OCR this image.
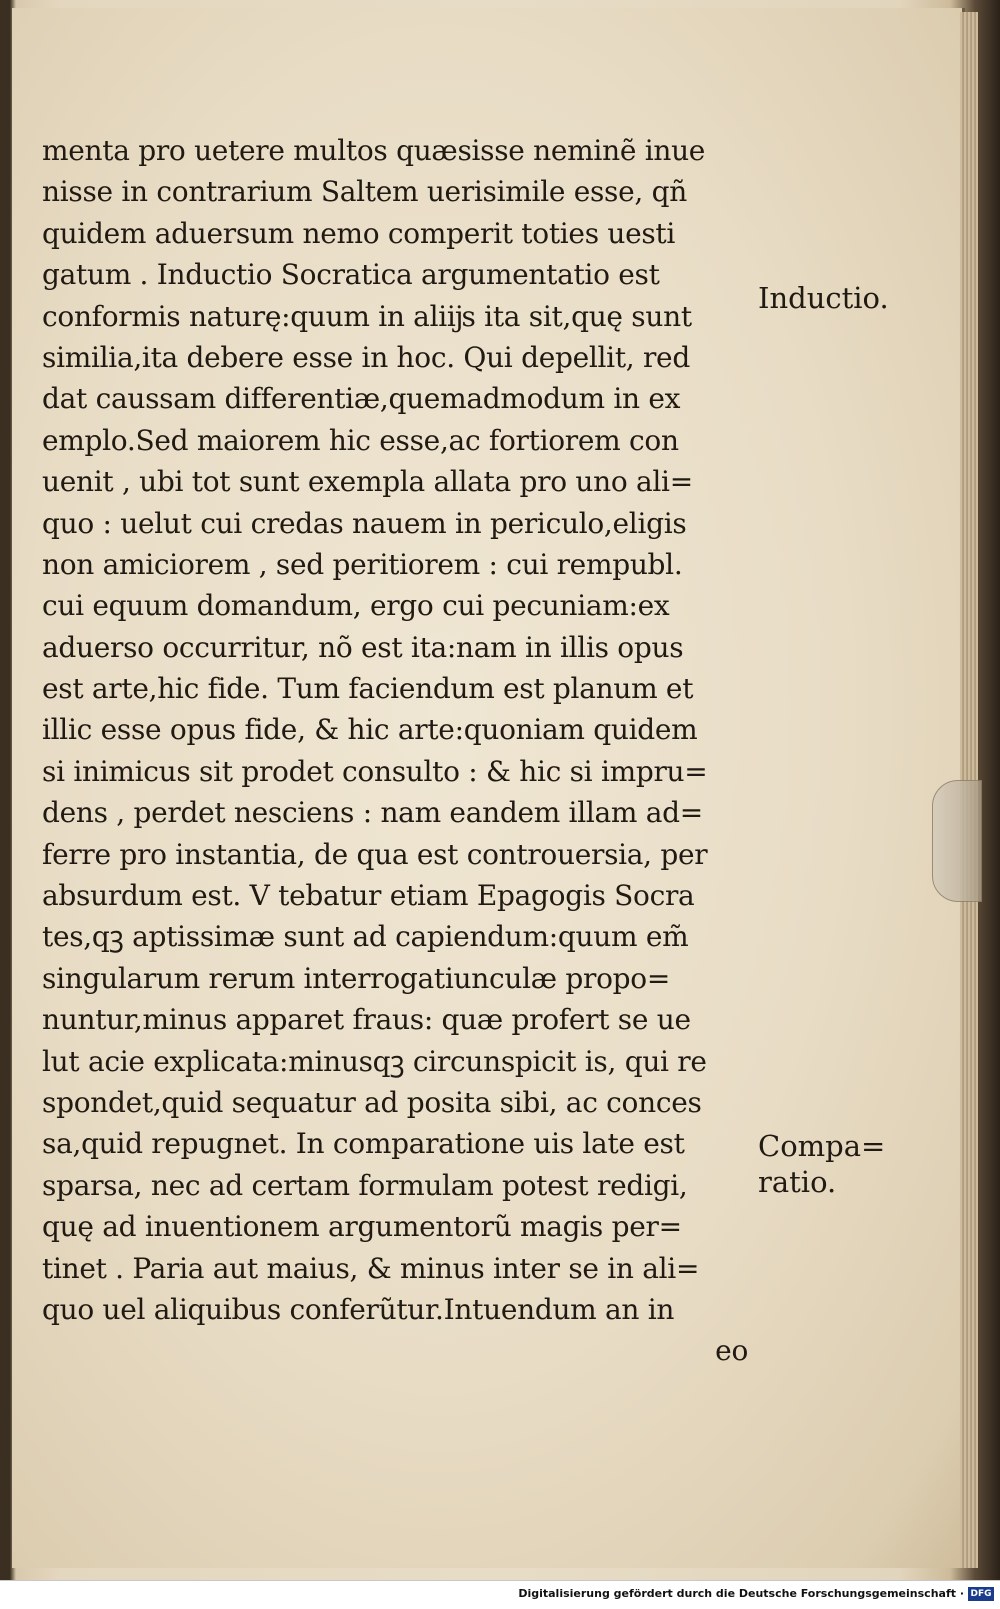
menta pro uetere multos quæsisse neminẽ inue
nisse in contrarium Saltem uerisimile esse, qñ
quidem aduersum nemo comperit toties uesti
gatum . Inductio Socratica argumentatio est
conformis naturę:quum in aliĳs ita sit,quę sunt
similia,ita debere esse in hoc. Qui depellit, red
dat caussam differentiæ,quemadmodum in ex
emplo.Sed maiorem hic esse,ac fortiorem con
uenit , ubi tot sunt exempla allata pro uno ali=
quo : uelut cui credas nauem in periculo,eligis
non amiciorem , sed peritiorem : cui rempubl.
cui equum domandum, ergo cui pecuniam:ex
aduerso occurritur, nõ est ita:nam in illis opus
est arte,hic fide. Tum faciendum est planum et
illic esse opus fide, & hic arte:quoniam quidem
si inimicus sit prodet consulto : & hic si impru=
dens , perdet nesciens : nam eandem illam ad=
ferre pro instantia, de qua est controuersia, per
absurdum est. V tebatur etiam Epagogis Socra
tes,qꝫ aptissimæ sunt ad capiendum:quum em̃
singularum rerum interrogatiunculæ propo=
nuntur,minus apparet fraus: quæ profert se ue
lut acie explicata:minusqꝫ circunspicit is, qui re
spondet,quid sequatur ad posita sibi, ac conces
sa,quid repugnet. In comparatione uis late est
sparsa, nec ad certam formulam potest redigi,
quę ad inuentionem argumentorũ magis per=
tinet . Paria aut maius, & minus inter se in ali=
quo uel aliquibus conferũtur.Intuendum an in
eo
Inductio.
Compa=
ratio.
Digitalisierung gefördert durch die Deutsche Forschungsgemeinschaft · DFG
